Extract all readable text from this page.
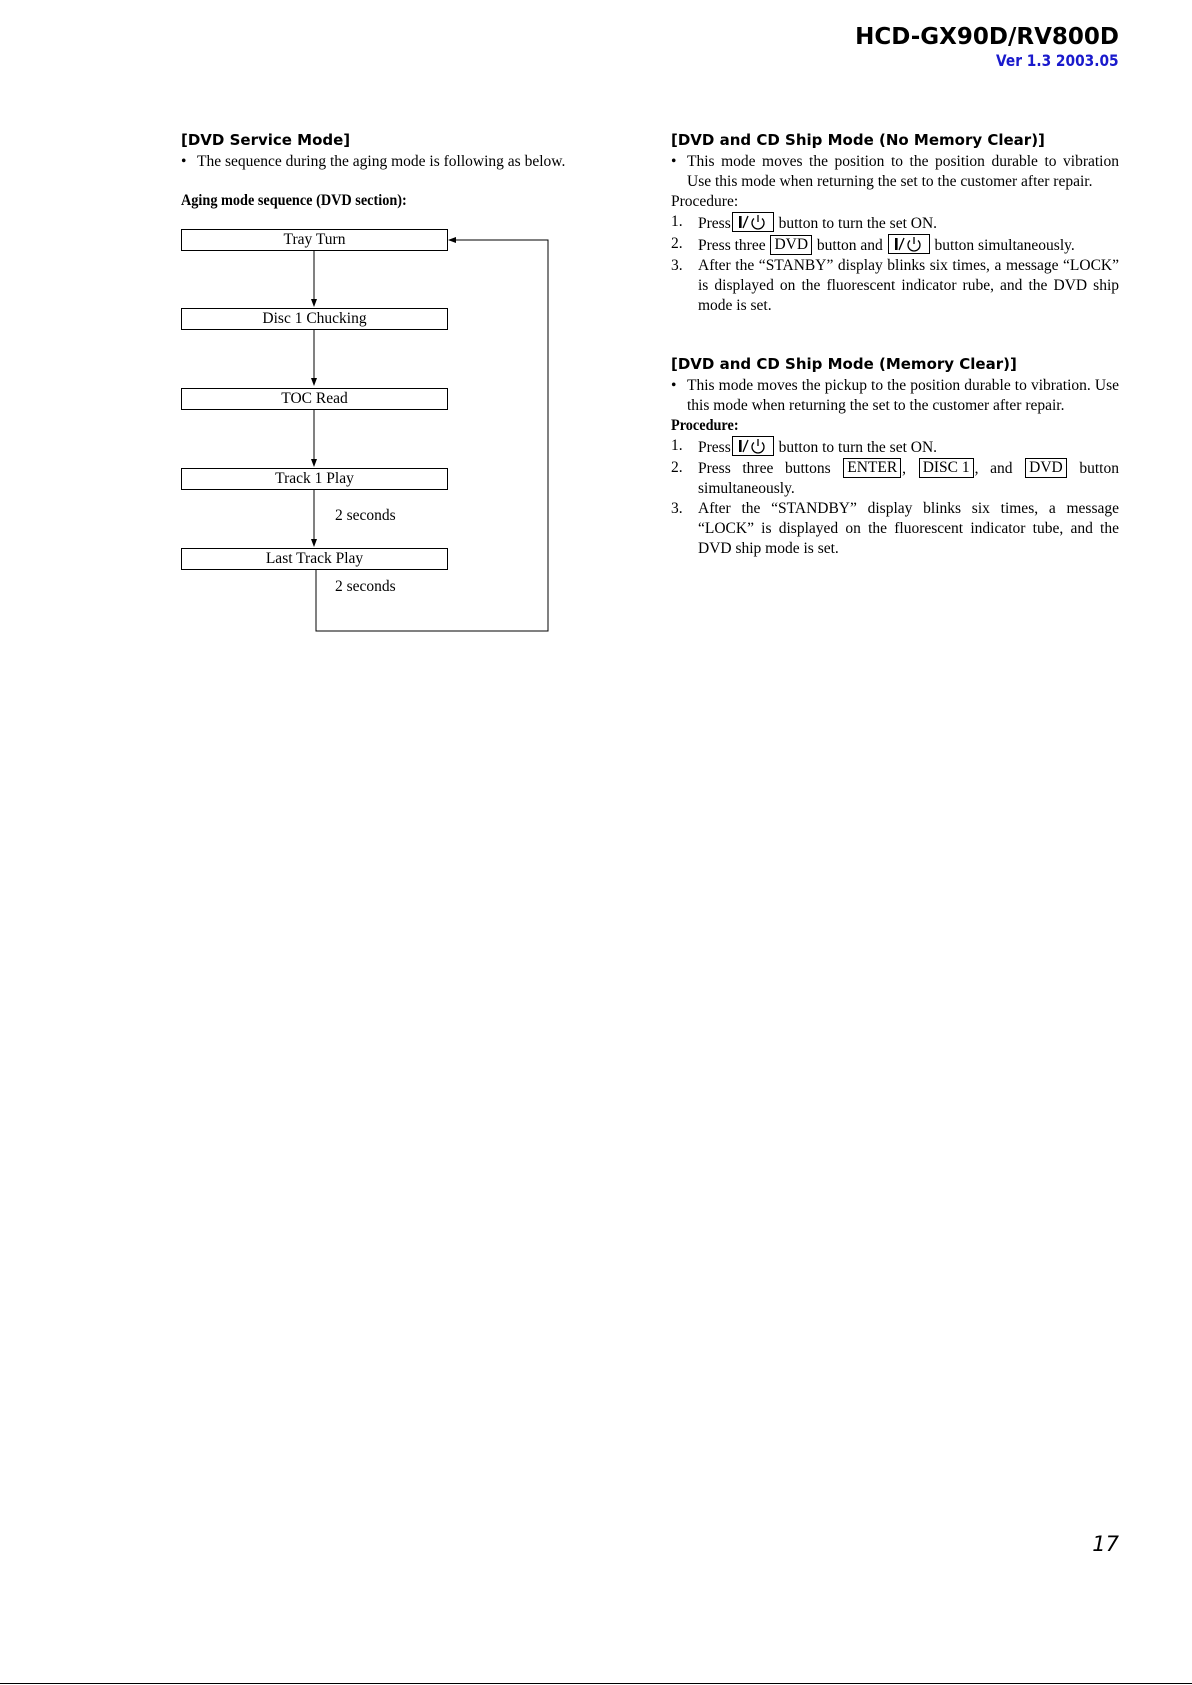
HCD-GX90D/RV800D
Ver 1.3 2003.05
[DVD Service Mode]
• The sequence during the aging mode is following as below.
Aging mode sequence (DVD section):
Tray Turn
Disc 1 Chucking
TOC Read
Track 1 Play
Last Track Play
2 seconds
2 seconds
[DVD and CD Ship Mode (No Memory Clear)]
• This mode moves the position to the position durable to vibration Use this mode when returning the set to the customer after repair.
Procedure:
1. Press	button to turn the set ON.
2. Press three DVD button and	button simultaneously.
3. After the “STANBY” display blinks six times, a message “LOCK” is displayed on the fluorescent indicator rube, and the DVD ship mode is set.
[DVD and CD Ship Mode (Memory Clear)]
• This mode moves the pickup to the position durable to vibration. Use this mode when returning the set to the customer after repair.
Procedure:
1. Press	button to turn the set ON.
2. Press three buttons ENTER , DISC 1 , and DVD button simultaneously.
3. After the “STANDBY” display blinks six times, a message “LOCK” is displayed on the fluorescent indicator tube, and the DVD ship mode is set.
17
